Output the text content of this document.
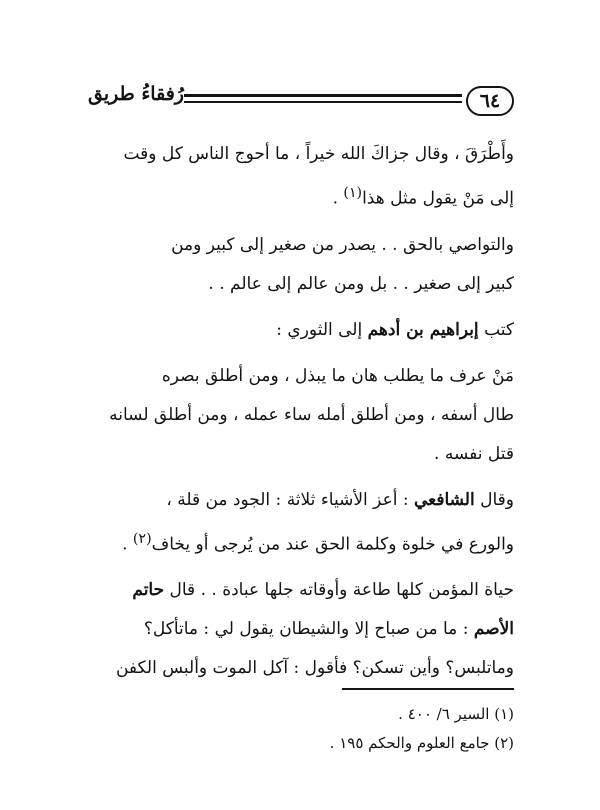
٦٤
رُفقاءُ طريق
وأَطْرَقَ ، وقال جزاكَ الله خيراً ، ما أحوج الناس كل وقت
إلى مَنْ يقول مثل هذا$^{(١)}$ .
والتواصي بالحق . . يصدر من صغير إلى كبير ومن
كبير إلى صغير . . بل ومن عالم إلى عالم . .
كتب إبراهيم بن أدهم إلى الثوري :
مَنْ عرف ما يطلب هان ما يبذل ، ومن أطلق بصره
طال أسفه ، ومن أطلق أمله ساء عمله ، ومن أطلق لسانه
قتل نفسه .
وقال الشافعي : أعز الأشياء ثلاثة : الجود من قلة ،
والورع في خلوة وكلمة الحق عند من يُرجى أو يخاف$^{(٢)}$ .
حياة المؤمن كلها طاعة وأوقاته جلها عبادة . . قال حاتم
الأصم : ما من صباح إلا والشيطان يقول لي : ماتأكل؟
وماتلبس؟ وأين تسكن؟ فأقول : آكل الموت وألبس الكفن

(١) السير ٦/ ٤٠٠ .

(٢) جامع العلوم والحكم ١٩٥ .
